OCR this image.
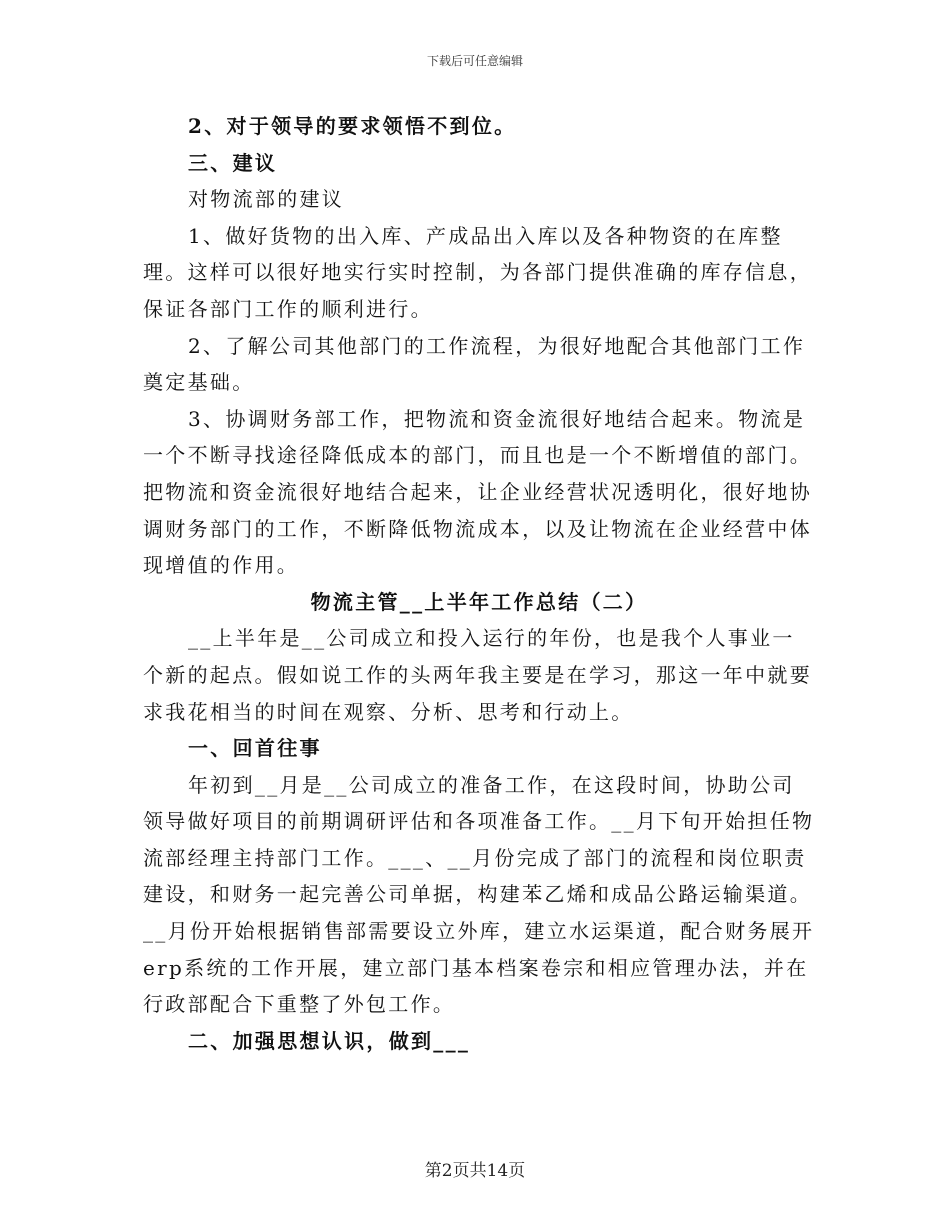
下载后可任意编辑

2、对于领导的要求领悟不到位。

三、建议

对物流部的建议

1、做好货物的出入库、产成品出入库以及各种物资的在库整理。这样可以很好地实行实时控制，为各部门提供准确的库存信息，保证各部门工作的顺利进行。

2、了解公司其他部门的工作流程，为很好地配合其他部门工作奠定基础。

3、协调财务部工作，把物流和资金流很好地结合起来。物流是一个不断寻找途径降低成本的部门，而且也是一个不断增值的部门。把物流和资金流很好地结合起来，让企业经营状况透明化，很好地协调财务部门的工作，不断降低物流成本，以及让物流在企业经营中体现增值的作用。

物流主管__上半年工作总结（二）

__上半年是__公司成立和投入运行的年份，也是我个人事业一个新的起点。假如说工作的头两年我主要是在学习，那这一年中就要求我花相当的时间在观察、分析、思考和行动上。

一、回首往事

年初到__月是__公司成立的准备工作，在这段时间，协助公司领导做好项目的前期调研评估和各项准备工作。__月下旬开始担任物流部经理主持部门工作。___、__月份完成了部门的流程和岗位职责建设，和财务一起完善公司单据，构建苯乙烯和成品公路运输渠道。__月份开始根据销售部需要设立外库，建立水运渠道，配合财务展开erp系统的工作开展，建立部门基本档案卷宗和相应管理办法，并在行政部配合下重整了外包工作。

二、加强思想认识，做到___

第2页共14页
